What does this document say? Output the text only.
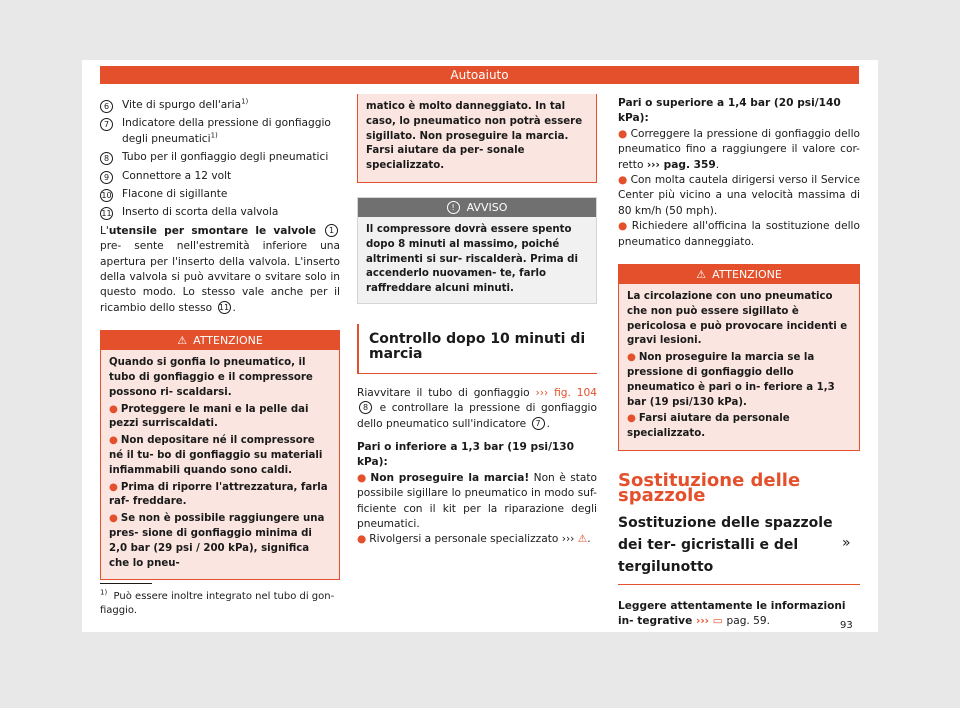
Autoaiuto
6	Vite di spurgo dell'aria$^{1)}$
7	Indicatore della pressione di gonfiaggio degli pneumatici$^{1)}$
8	Tubo per il gonfiaggio degli pneumatici
9	Connettore a 12 volt
10 Flacone di sigillante
11 Inserto di scorta della valvola
L'utensile per smontare le valvole 1 pre- sente nell'estremità inferiore una apertura per l'inserto della valvola. L'inserto della valvola si può avvitare o svitare solo in questo modo. Lo stesso vale anche per il ricambio dello stesso 11 .
⚠ ATTENZIONE

Quando si gonfia lo pneumatico, il tubo di gonfiaggio e il compressore possono ri- scaldarsi.

● Proteggere le mani e la pelle dai pezzi surriscaldati.

● Non depositare né il compressore né il tu- bo di gonfiaggio su materiali infiammabili quando sono caldi.

● Prima di riporre l'attrezzatura, farla raf- freddare.

● Se non è possibile raggiungere una pres- sione di gonfiaggio minima di 2,0 bar (29 psi / 200 kPa), significa che lo pneu-

matico è molto danneggiato. In tal caso, lo pneumatico non potrà essere sigillato. Non proseguire la marcia. Farsi aiutare da per- sonale specializzato.
! AVVISO
Il compressore dovrà essere spento dopo 8 minuti al massimo, poiché altrimenti si sur- riscalderà. Prima di accenderlo nuovamen- te, farlo raffreddare alcuni minuti.
Controllo dopo 10 minuti di marcia
Riavvitare il tubo di gonfiaggio ››› fig. 104 8 e controllare la pressione di gonfiaggio dello pneumatico sull'indicatore 7 .
Pari o inferiore a 1,3 bar (19 psi/130 kPa):
● Non proseguire la marcia! Non è stato possibile sigillare lo pneumatico in modo suf- ficiente con il kit per la riparazione degli pneumatici.
● Rivolgersi a personale specializzato ››› ⚠.
Pari o superiore a 1,4 bar (20 psi/140 kPa):
● Correggere la pressione di gonfiaggio dello pneumatico fino a raggiungere il valore cor- retto ››› pag. 359.
● Con molta cautela dirigersi verso il Service Center più vicino a una velocità massima di 80 km/h (50 mph).
● Richiedere all'officina la sostituzione dello pneumatico danneggiato.
⚠ ATTENZIONE

La circolazione con uno pneumatico che non può essere sigillato è pericolosa e può provocare incidenti e gravi lesioni.

● Non proseguire la marcia se la pressione di gonfiaggio dello pneumatico è pari o in- feriore a 1,3 bar (19 psi/130 kPa).

● Farsi aiutare da personale specializzato.

Sostituzione delle spazzole
Sostituzione delle spazzole dei ter- gicristalli e del tergilunotto
Leggere attentamente le informazioni in- tegrative ››› ▭ pag. 59.
»
$^{1)}$ Può essere inoltre integrato nel tubo di gon- fiaggio.
93
